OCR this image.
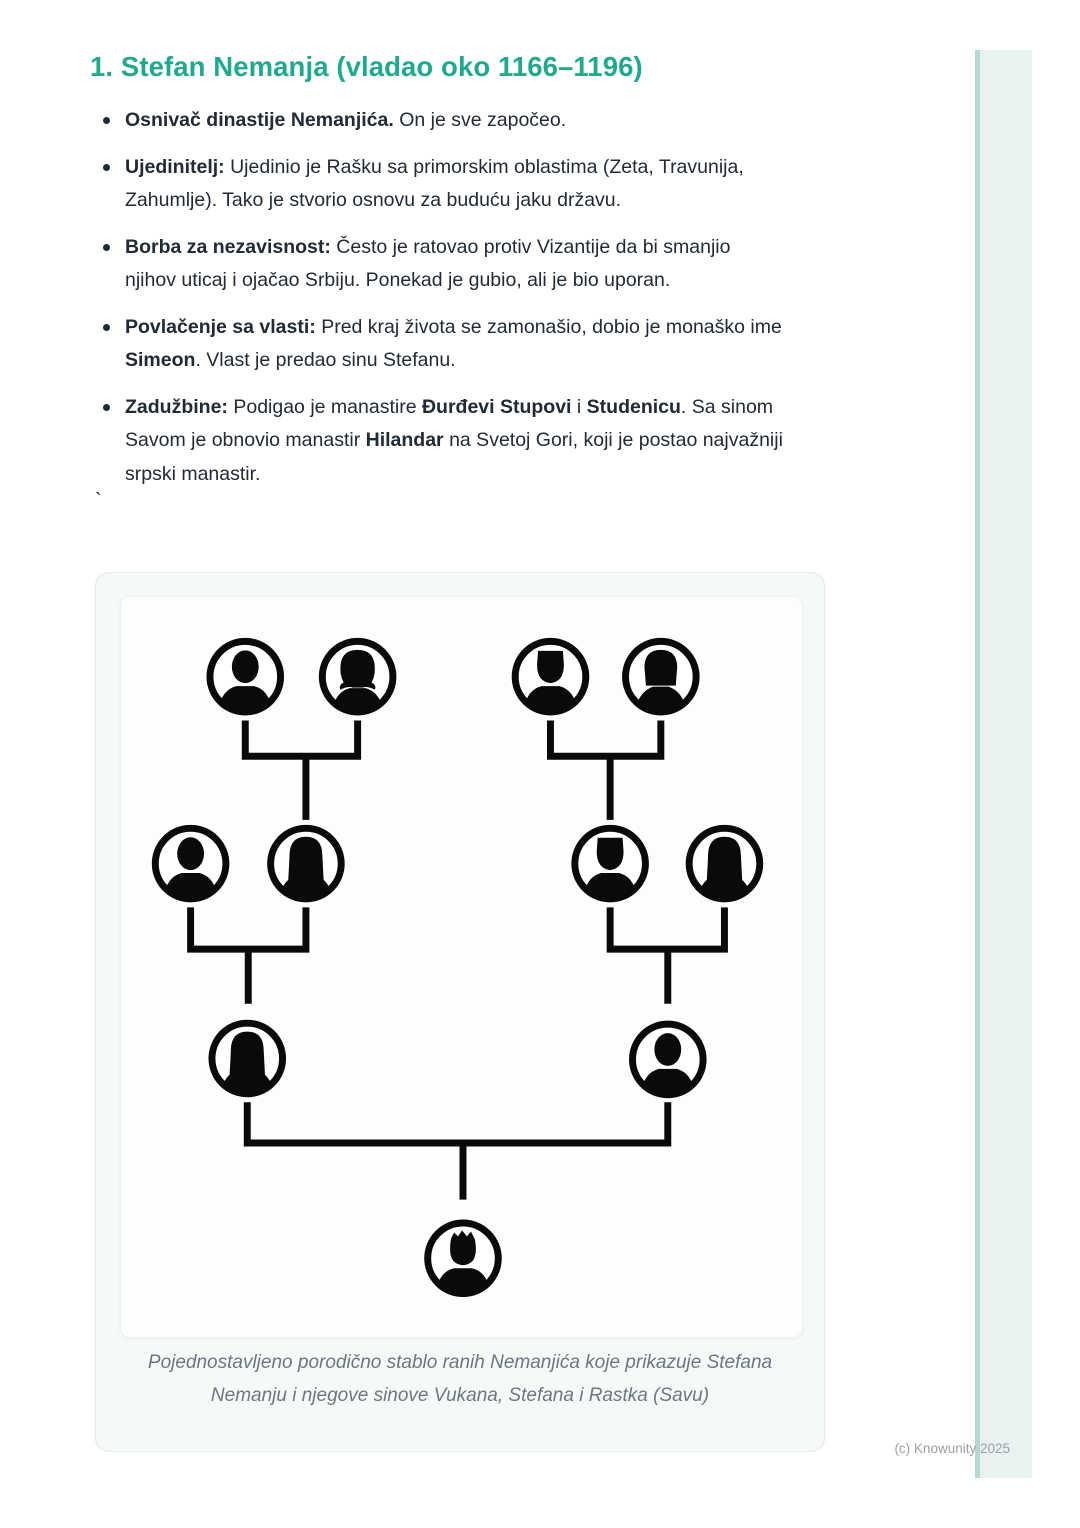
1. Stefan Nemanja (vladao oko 1166–1196)
Osnivač dinastije Nemanjića. On je sve započeo.
Ujedinitelj: Ujedinio je Rašku sa primorskim oblastima (Zeta, Travunija,
Zahumlje). Tako je stvorio osnovu za buduću jaku državu.
Borba za nezavisnost: Često je ratovao protiv Vizantije da bi smanjio
njihov uticaj i ojačao Srbiju. Ponekad je gubio, ali je bio uporan.
Povlačenje sa vlasti: Pred kraj života se zamonašio, dobio je monaško ime
Simeon. Vlast je predao sinu Stefanu.
Zadužbine: Podigao je manastire Đurđevi Stupovi i Studenicu. Sa sinom
Savom je obnovio manastir Hilandar na Svetoj Gori, koji je postao najvažniji
srpski manastir.
`

Pojednostavljeno porodično stablo ranih Nemanjića koje prikazuje Stefana Nemanju i njegove sinove Vukana, Stefana i Rastka (Savu)

(c) Knowunity 2025
